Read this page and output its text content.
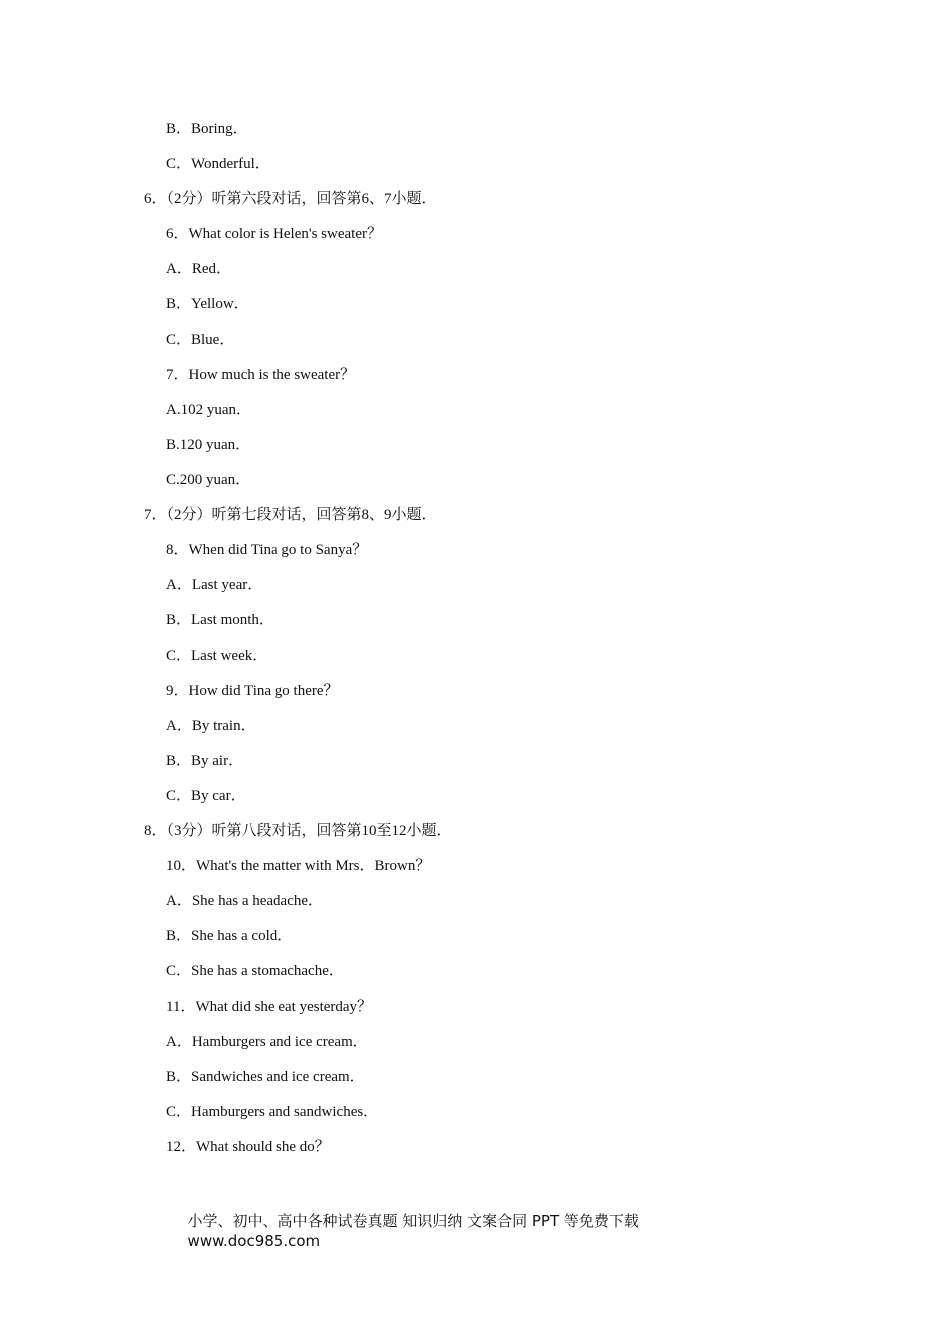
B．Boring．
C．Wonderful．
6．（2分）听第六段对话，回答第6、7小题．
6．What color is Helen's sweater？
A．Red．
B．Yellow．
C．Blue．
7．How much is the sweater？
A.102 yuan．
B.120 yuan．
C.200 yuan．
7．（2分）听第七段对话，回答第8、9小题．
8．When did Tina go to Sanya？
A．Last year．
B．Last month．
C．Last week．
9．How did Tina go there？
A．By train．
B．By air．
C．By car．
8．（3分）听第八段对话，回答第10至12小题．
10．What's the matter with Mrs．Brown？
A．She has a headache．
B．She has a cold．
C．She has a stomachache．
11．What did she eat yesterday？
A．Hamburgers and ice cream．
B．Sandwiches and ice cream．
C．Hamburgers and sandwiches．
12．What should she do？

小学、初中、高中各种试卷真题 知识归纳 文案合同 PPT 等免费下载
www.doc985.com
